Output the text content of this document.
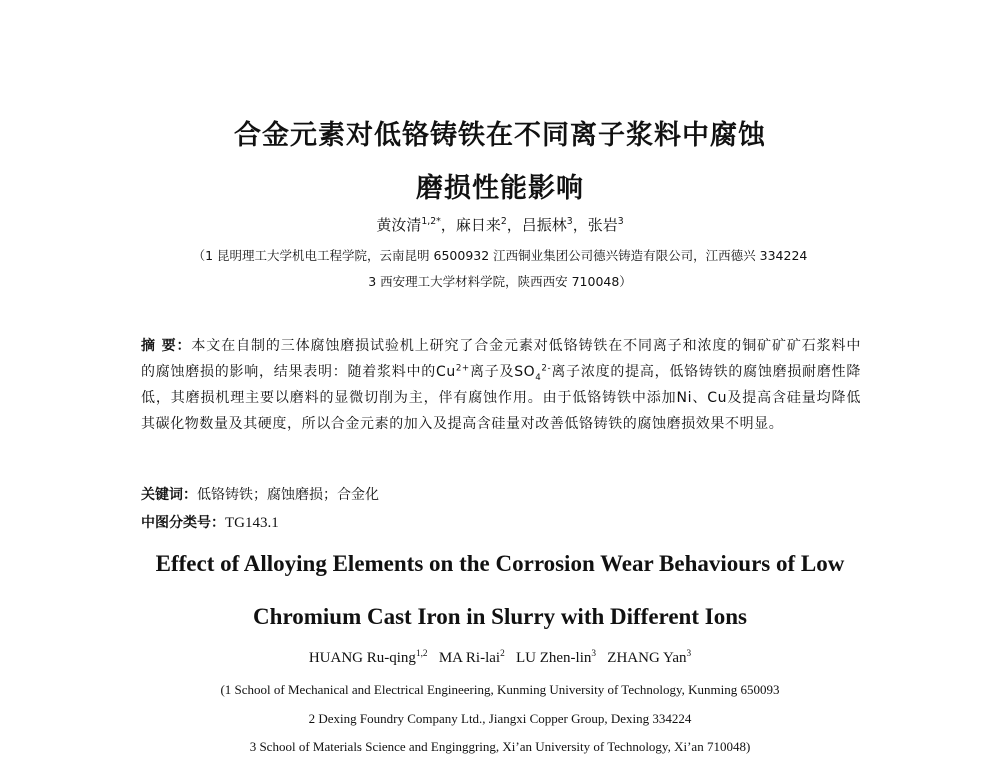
合金元素对低铬铸铁在不同离子浆料中腐蚀
磨损性能影响
黄汝清$^{1,2*}$，麻日来$^2$，吕振林$^3$，张岩$^3$
（1 昆明理工大学机电工程学院，云南昆明 6500932 江西铜业集团公司德兴铸造有限公司，江西德兴 334224
3 西安理工大学材料学院，陕西西安 710048）
摘 要：本文在自制的三体腐蚀磨损试验机上研究了合金元素对低铬铸铁在不同离子和浓度的铜矿矿矿石浆料中的腐蚀磨损的影响，结果表明：随着浆料中的$Cu^{2+}$离子及$SO_4^{2-}$离子浓度的提高，低铬铸铁的腐蚀磨损耐磨性降低，其磨损机理主要以磨料的显微切削为主，伴有腐蚀作用。由于低铬铸铁中添加Ni、Cu及提高含硅量均降低其碳化物数量及其硬度，所以合金元素的加入及提高含硅量对改善低铬铸铁的腐蚀磨损效果不明显。
关键词：低铬铸铁；腐蚀磨损；合金化
中图分类号：TG143.1
Effect of Alloying Elements on the Corrosion Wear Behaviours of Low
Chromium Cast Iron in Slurry with Different Ions
HUANG Ru-qing$^{1,2}$ MA Ri-lai$^2$ LU Zhen-lin$^3$ ZHANG Yan$^3$
(1 School of Mechanical and Electrical Engineering, Kunming University of Technology, Kunming 650093
2 Dexing Foundry Company Ltd., Jiangxi Copper Group, Dexing 334224
3 School of Materials Science and Enginggring, Xi’an University of Technology, Xi’an 710048)
